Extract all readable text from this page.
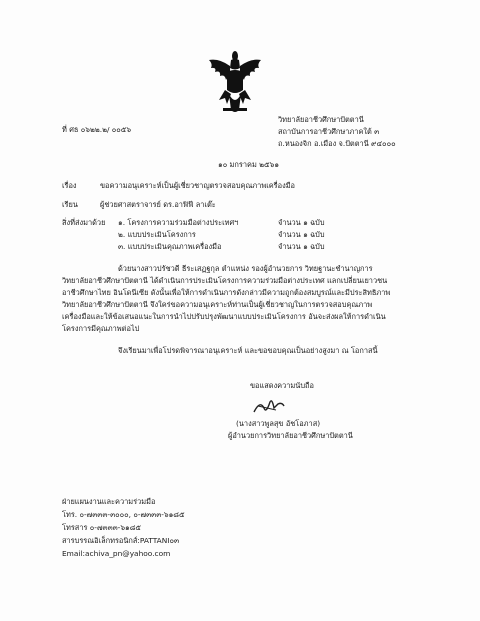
ที่ ศธ ๐๖๒๒.๒/ ๐๐๕๖
วิทยาลัยอาชีวศึกษาปัตตานี
สถาบันการอาชีวศึกษาภาคใต้ ๓
ถ.หนองจิก อ.เมือง จ.ปัตตานี ๙๔๐๐๐
๑๐ มกราคม ๒๕๖๑
เรื่อง	ขอความอนุเคราะห์เป็นผู้เชี่ยวชาญตรวจสอบคุณภาพเครื่องมือ
เรียน	ผู้ช่วยศาสตราจารย์ ดร.อาฟิฟี ลาเต๊ะ
สิ่งที่ส่งมาด้วย ๑. โครงการความร่วมมือต่างประเทศฯ	จำนวน ๑ ฉบับ
๒. แบบประเมินโครงการ	จำนวน ๑ ฉบับ
๓. แบบประเมินคุณภาพเครื่องมือ	จำนวน ๑ ฉบับ
ด้วยนางสาวปรัชวดี ธีระเสฏฐกุล ตำแหน่ง รองผู้อำนวยการ วิทยฐานะชำนาญการ
วิทยาลัยอาชีวศึกษาปัตตานี ได้ดำเนินการประเมินโครงการความร่วมมือต่างประเทศ แลกเปลี่ยนเยาวชน
อาชีวศึกษาไทย อินโดนีเซีย ดังนั้นเพื่อให้การดำเนินการดังกล่าวมีความถูกต้องสมบูรณ์และมีประสิทธิภาพ
วิทยาลัยอาชีวศึกษาปัตตานี จึงใคร่ขอความอนุเคราะห์ท่านเป็นผู้เชี่ยวชาญในการตรวจสอบคุณภาพ
เครื่องมือและให้ข้อเสนอแนะในการนำไปปรับปรุงพัฒนาแบบประเมินโครงการ อันจะส่งผลให้การดำเนิน
โครงการมีคุณภาพต่อไป
จึงเรียนมาเพื่อโปรดพิจารณาอนุเคราะห์ และขอขอบคุณเป็นอย่างสูงมา ณ โอกาสนี้
ขอแสดงความนับถือ
(นางสาวพูลสุข อัชโอภาส)
ผู้อำนวยการวิทยาลัยอาชีวศึกษาปัตตานี
ฝ่ายแผนงานและความร่วมมือ
โทร. ๐-๗๓๓๓-๓๐๐๐, ๐-๗๓๓๓-๖๑๘๕
โทรสาร ๐-๗๓๓๓-๖๑๘๕
สารบรรณอิเล็กทรอนิกส์:PATTANI๐๓
Email:achiva_pn@yahoo.com
